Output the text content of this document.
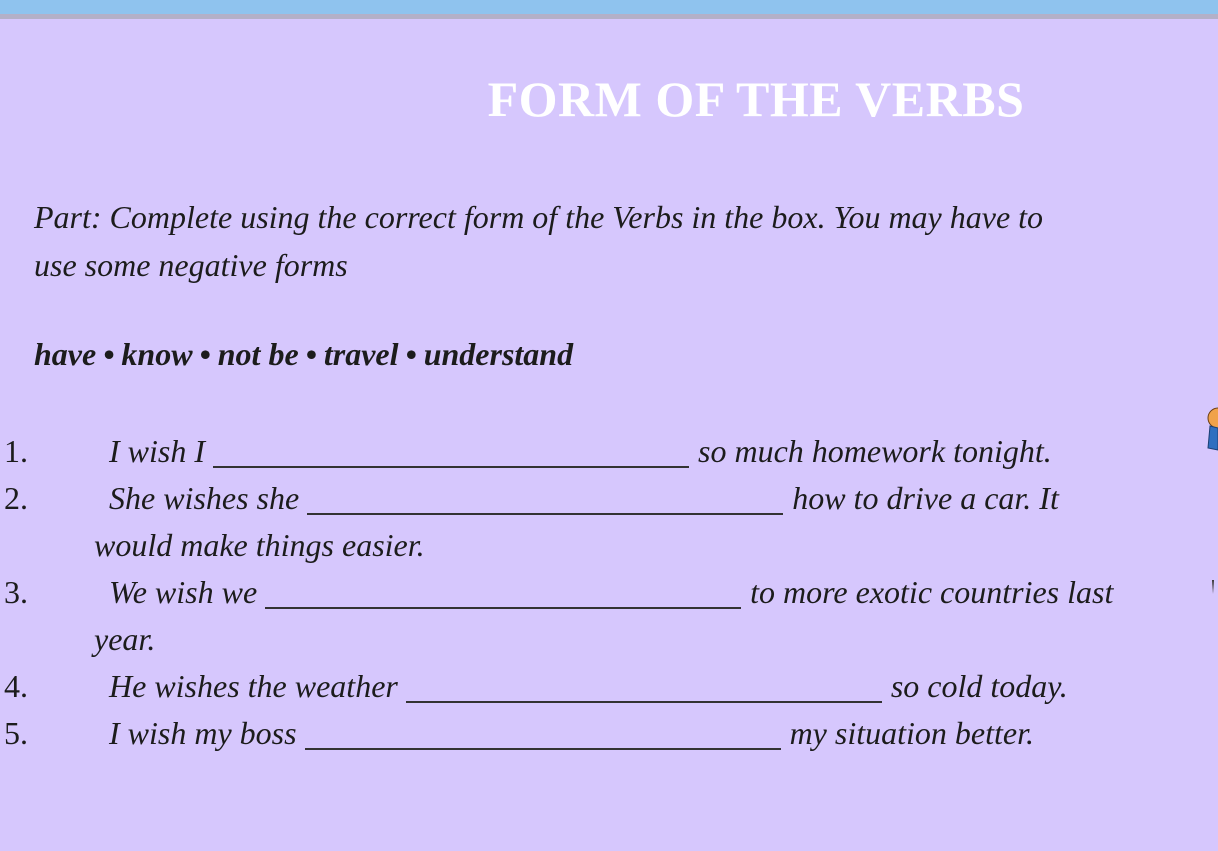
FORM OF THE VERBS
Part: Complete using the correct form of the Verbs in the box. You may have to
use some negative forms
have • know • not be • travel • understand
1.	I wish I	so much homework tonight.
2.	She wishes she	how to drive a car. It
would make things easier.
3.	We wish we	to more exotic countries last
year.
4.	He wishes the weather	so cold today.
5.	I wish my boss	my situation better.
